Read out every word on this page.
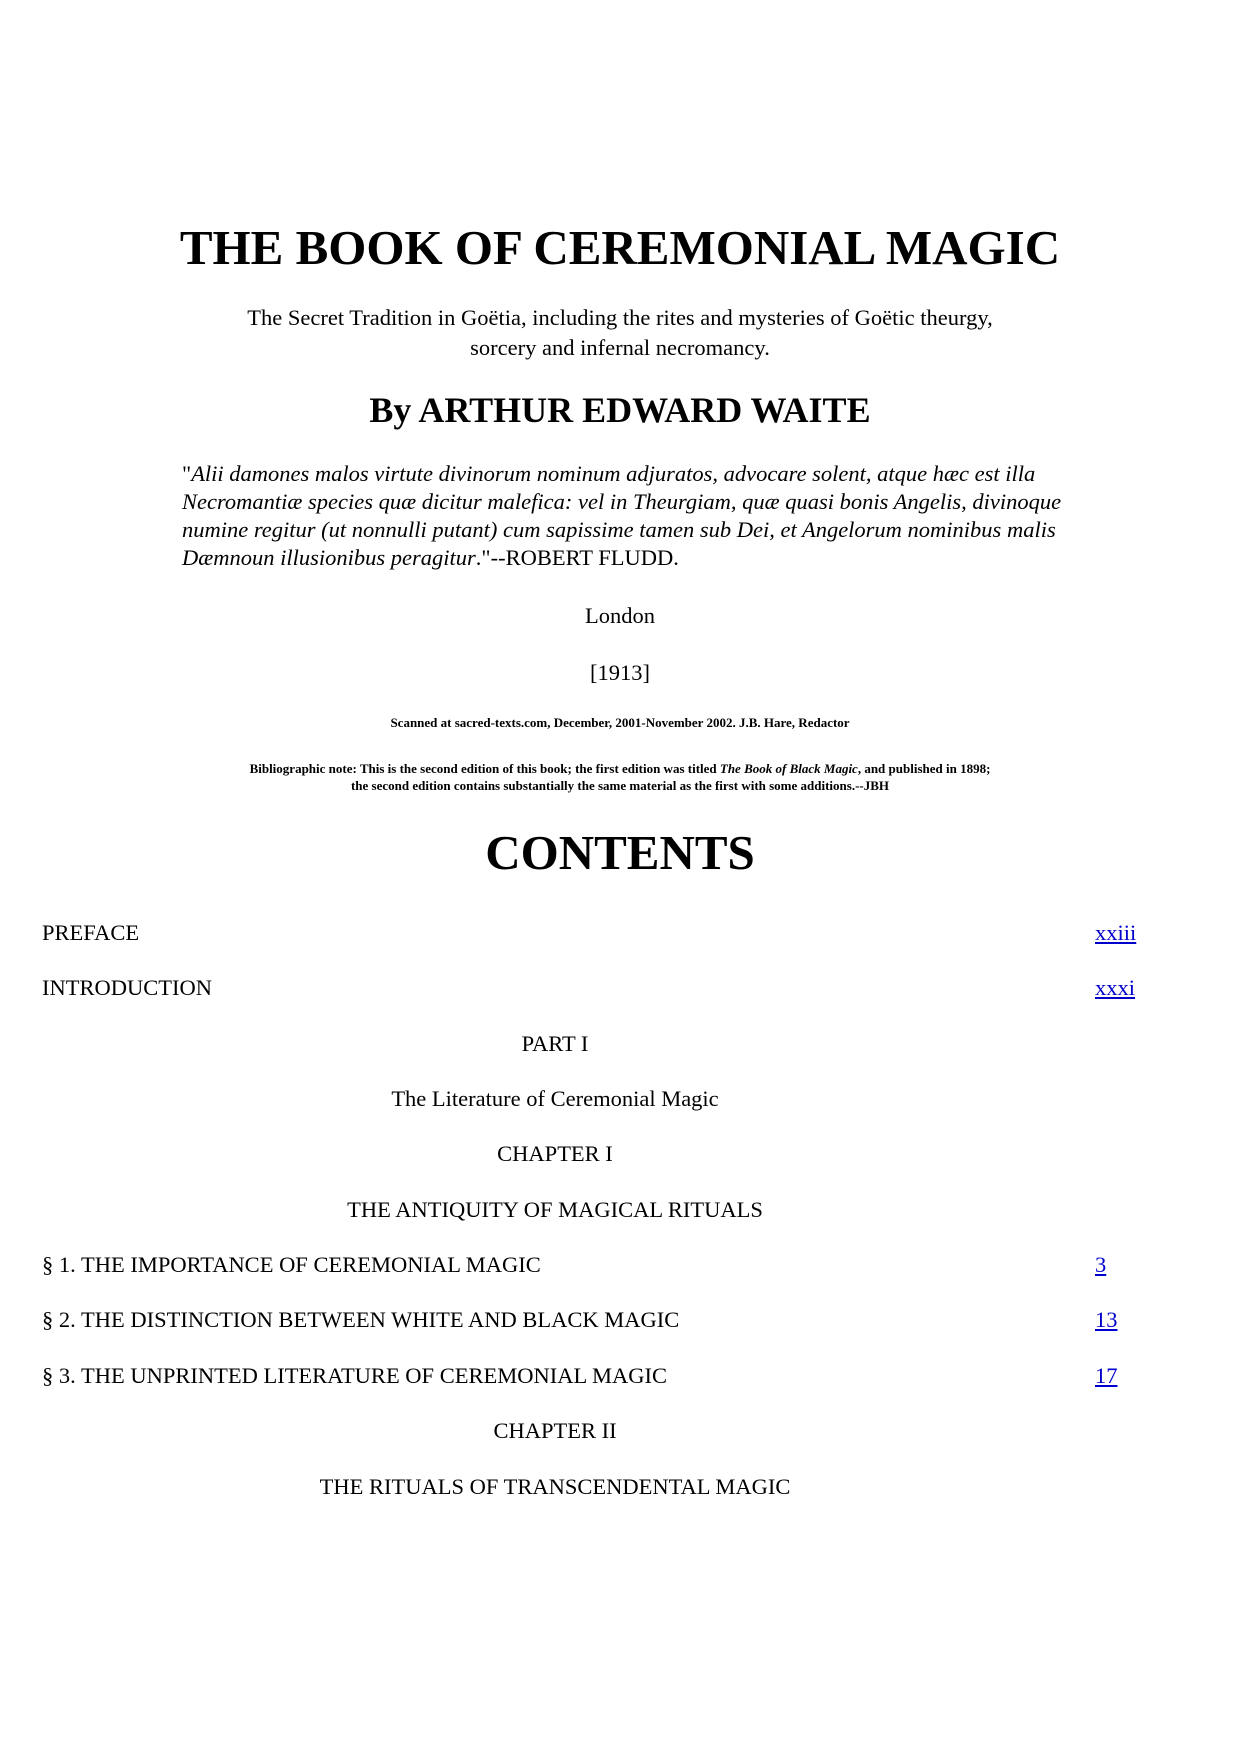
THE BOOK OF CEREMONIAL MAGIC
The Secret Tradition in Goëtia, including the rites and mysteries of Goëtic theurgy,
sorcery and infernal necromancy.
By ARTHUR EDWARD WAITE

"Alii damones malos virtute divinorum nominum adjuratos, advocare solent, atque hæc est illa Necromantiæ species quæ dicitur malefica: vel in Theurgiam, quæ quasi bonis Angelis, divinoque numine regitur (ut nonnulli putant) cum sapissime tamen sub Dei, et Angelorum nominibus malis Dæmnoun illusionibus peragitur."--ROBERT FLUDD.

London
[1913]
Scanned at sacred-texts.com, December, 2001-November 2002. J.B. Hare, Redactor
Bibliographic note: This is the second edition of this book; the first edition was titled The Book of Black Magic, and published in 1898;
the second edition contains substantially the same material as the first with some additions.--JBH
CONTENTS
PREFACE	xxiii
INTRODUCTION	xxxi
PART I
The Literature of Ceremonial Magic
CHAPTER I
THE ANTIQUITY OF MAGICAL RITUALS
§ 1. THE IMPORTANCE OF CEREMONIAL MAGIC	3
§ 2. THE DISTINCTION BETWEEN WHITE AND BLACK MAGIC	13
§ 3. THE UNPRINTED LITERATURE OF CEREMONIAL MAGIC	17
CHAPTER II
THE RITUALS OF TRANSCENDENTAL MAGIC
